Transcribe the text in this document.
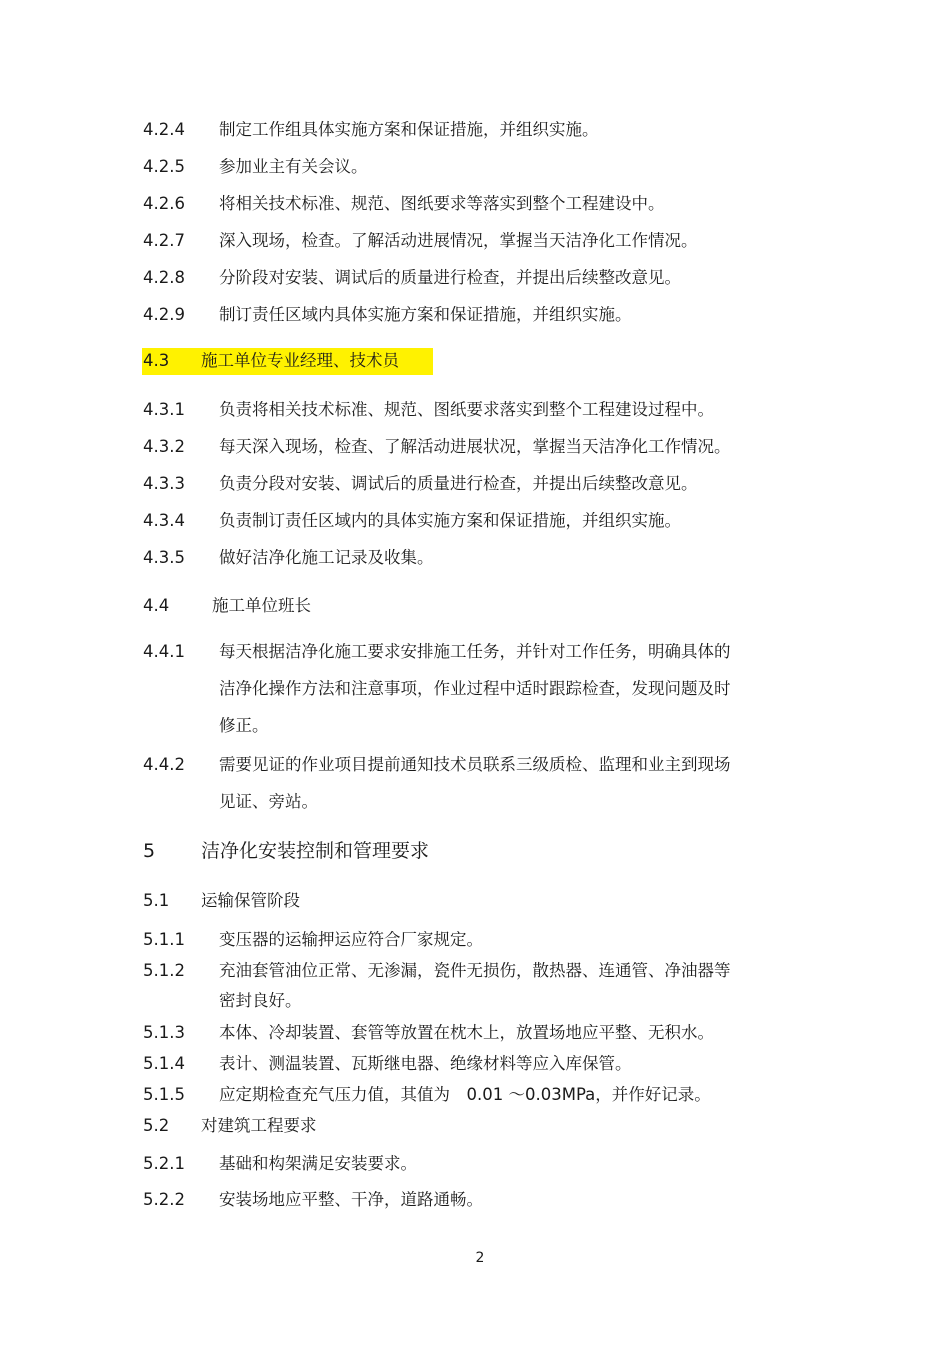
4.2.4 制定工作组具体实施方案和保证措施，并组织实施。
4.2.5 参加业主有关会议。
4.2.6 将相关技术标准、规范、图纸要求等落实到整个工程建设中。
4.2.7 深入现场，检查。了解活动进展情况，掌握当天洁净化工作情况。
4.2.8 分阶段对安装、调试后的质量进行检查，并提出后续整改意见。
4.2.9 制订责任区域内具体实施方案和保证措施，并组织实施。
4.3 施工单位专业经理、技术员
4.3.1 负责将相关技术标准、规范、图纸要求落实到整个工程建设过程中。
4.3.2 每天深入现场，检查、了解活动进展状况，掌握当天洁净化工作情况。
4.3.3 负责分段对安装、调试后的质量进行检查，并提出后续整改意见。
4.3.4 负责制订责任区域内的具体实施方案和保证措施，并组织实施。
4.3.5 做好洁净化施工记录及收集。
4.4	施工单位班长
4.4.1 每天根据洁净化施工要求安排施工任务，并针对工作任务，明确具体的
洁净化操作方法和注意事项，作业过程中适时跟踪检查，发现问题及时
修正。
4.4.2 需要见证的作业项目提前通知技术员联系三级质检、监理和业主到现场
见证、旁站。
5 洁净化安装控制和管理要求
5.1 运输保管阶段
5.1.1 变压器的运输押运应符合厂家规定。
5.1.2 充油套管油位正常、无渗漏，瓷件无损伤，散热器、连通管、净油器等
密封良好。
5.1.3 本体、冷却装置、套管等放置在枕木上，放置场地应平整、无积水。
5.1.4 表计、测温装置、瓦斯继电器、绝缘材料等应入库保管。
5.1.5 应定期检查充气压力值，其值为　0.01 ～0.03MPa，并作好记录。
5.2 对建筑工程要求
5.2.1 基础和构架满足安装要求。
5.2.2 安装场地应平整、干净，道路通畅。
2
